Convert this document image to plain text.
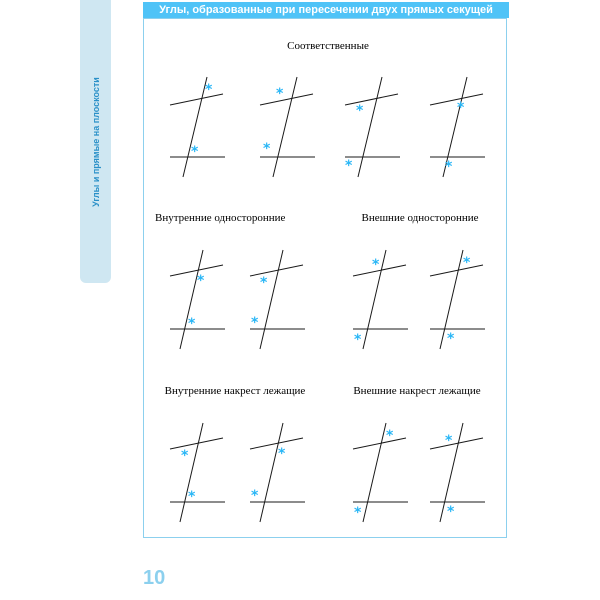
Углы и прямые на плоскости
Углы, образованные при пересечении двух прямых секущей
Соответственные
*
*
*
*
*
*
*
*
Внутренние односторонние	Внешние односторонние
*
*
*
*
*
*
*
*
Внутренние накрест лежащие	Внешние накрест лежащие
*
*
*
*
*
*
*
*
10
